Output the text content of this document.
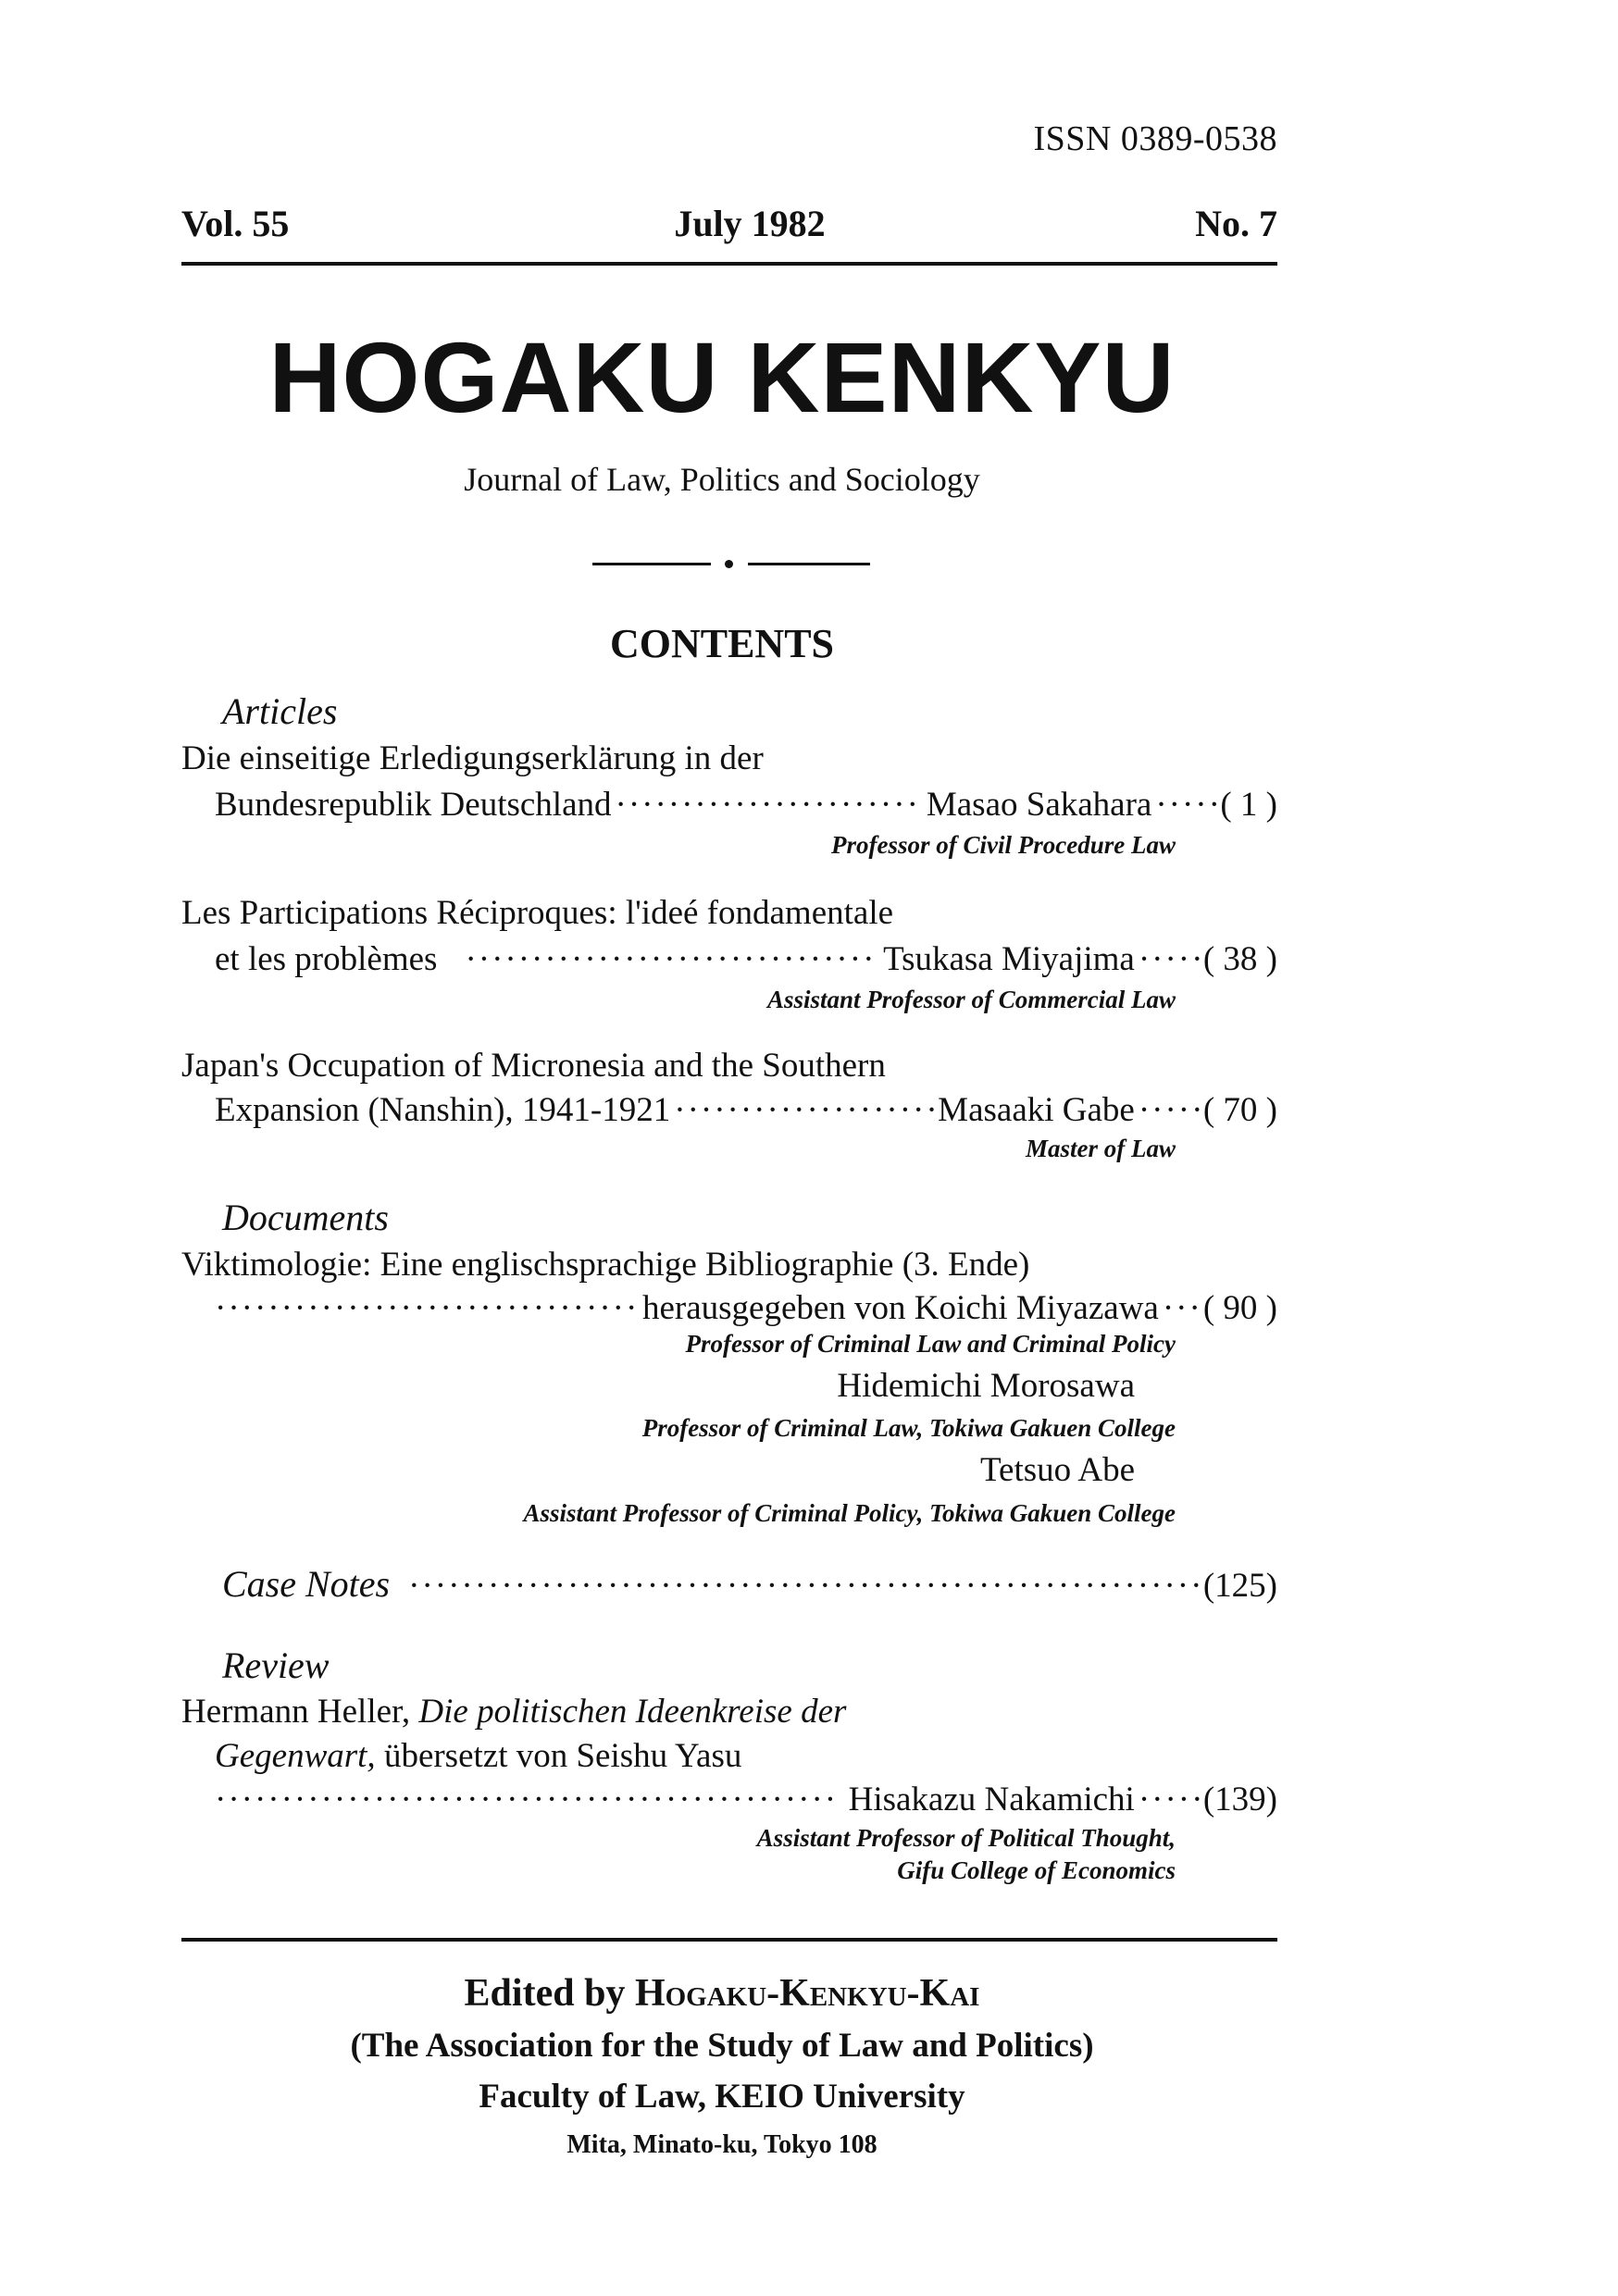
ISSN 0389-0538
Vol. 55	July 1982	No. 7
HOGAKU KENKYU
Journal of Law, Politics and Sociology
CONTENTS
Articles
Die einseitige Erledigungserklärung in der
Bundesrepublik Deutschland ·····	Masao Sakahara ····· ( 1 )
Professor of Civil Procedure Law
Les Participations Réciproques: l'ideé fondamentale
et les problèmes ·····	Tsukasa Miyajima ····· ( 38 )
Assistant Professor of Commercial Law
Japan's Occupation of Micronesia and the Southern
Expansion (Nanshin), 1941-1921 ·····	Masaaki Gabe ····· ( 70 )
Master of Law
Documents
Viktimologie: Eine englischsprachige Bibliographie (3. Ende)
·····
herausgegeben von Koichi Miyazawa ····· ( 90 )
Professor of Criminal Law and Criminal Policy
Hidemichi Morosawa
Professor of Criminal Law, Tokiwa Gakuen College
Tetsuo Abe
Assistant Professor of Criminal Policy, Tokiwa Gakuen College
Case Notes ·····	(125)
Review
Hermann Heller, Die politischen Ideenkreise der
Gegenwart, übersetzt von Seishu Yasu
·····
Hisakazu Nakamichi ····· (139)
Assistant Professor of Political Thought,
Gifu College of Economics
Edited by Hogaku-Kenkyu-Kai
(The Association for the Study of Law and Politics)
Faculty of Law, KEIO University
Mita, Minato-ku, Tokyo 108
